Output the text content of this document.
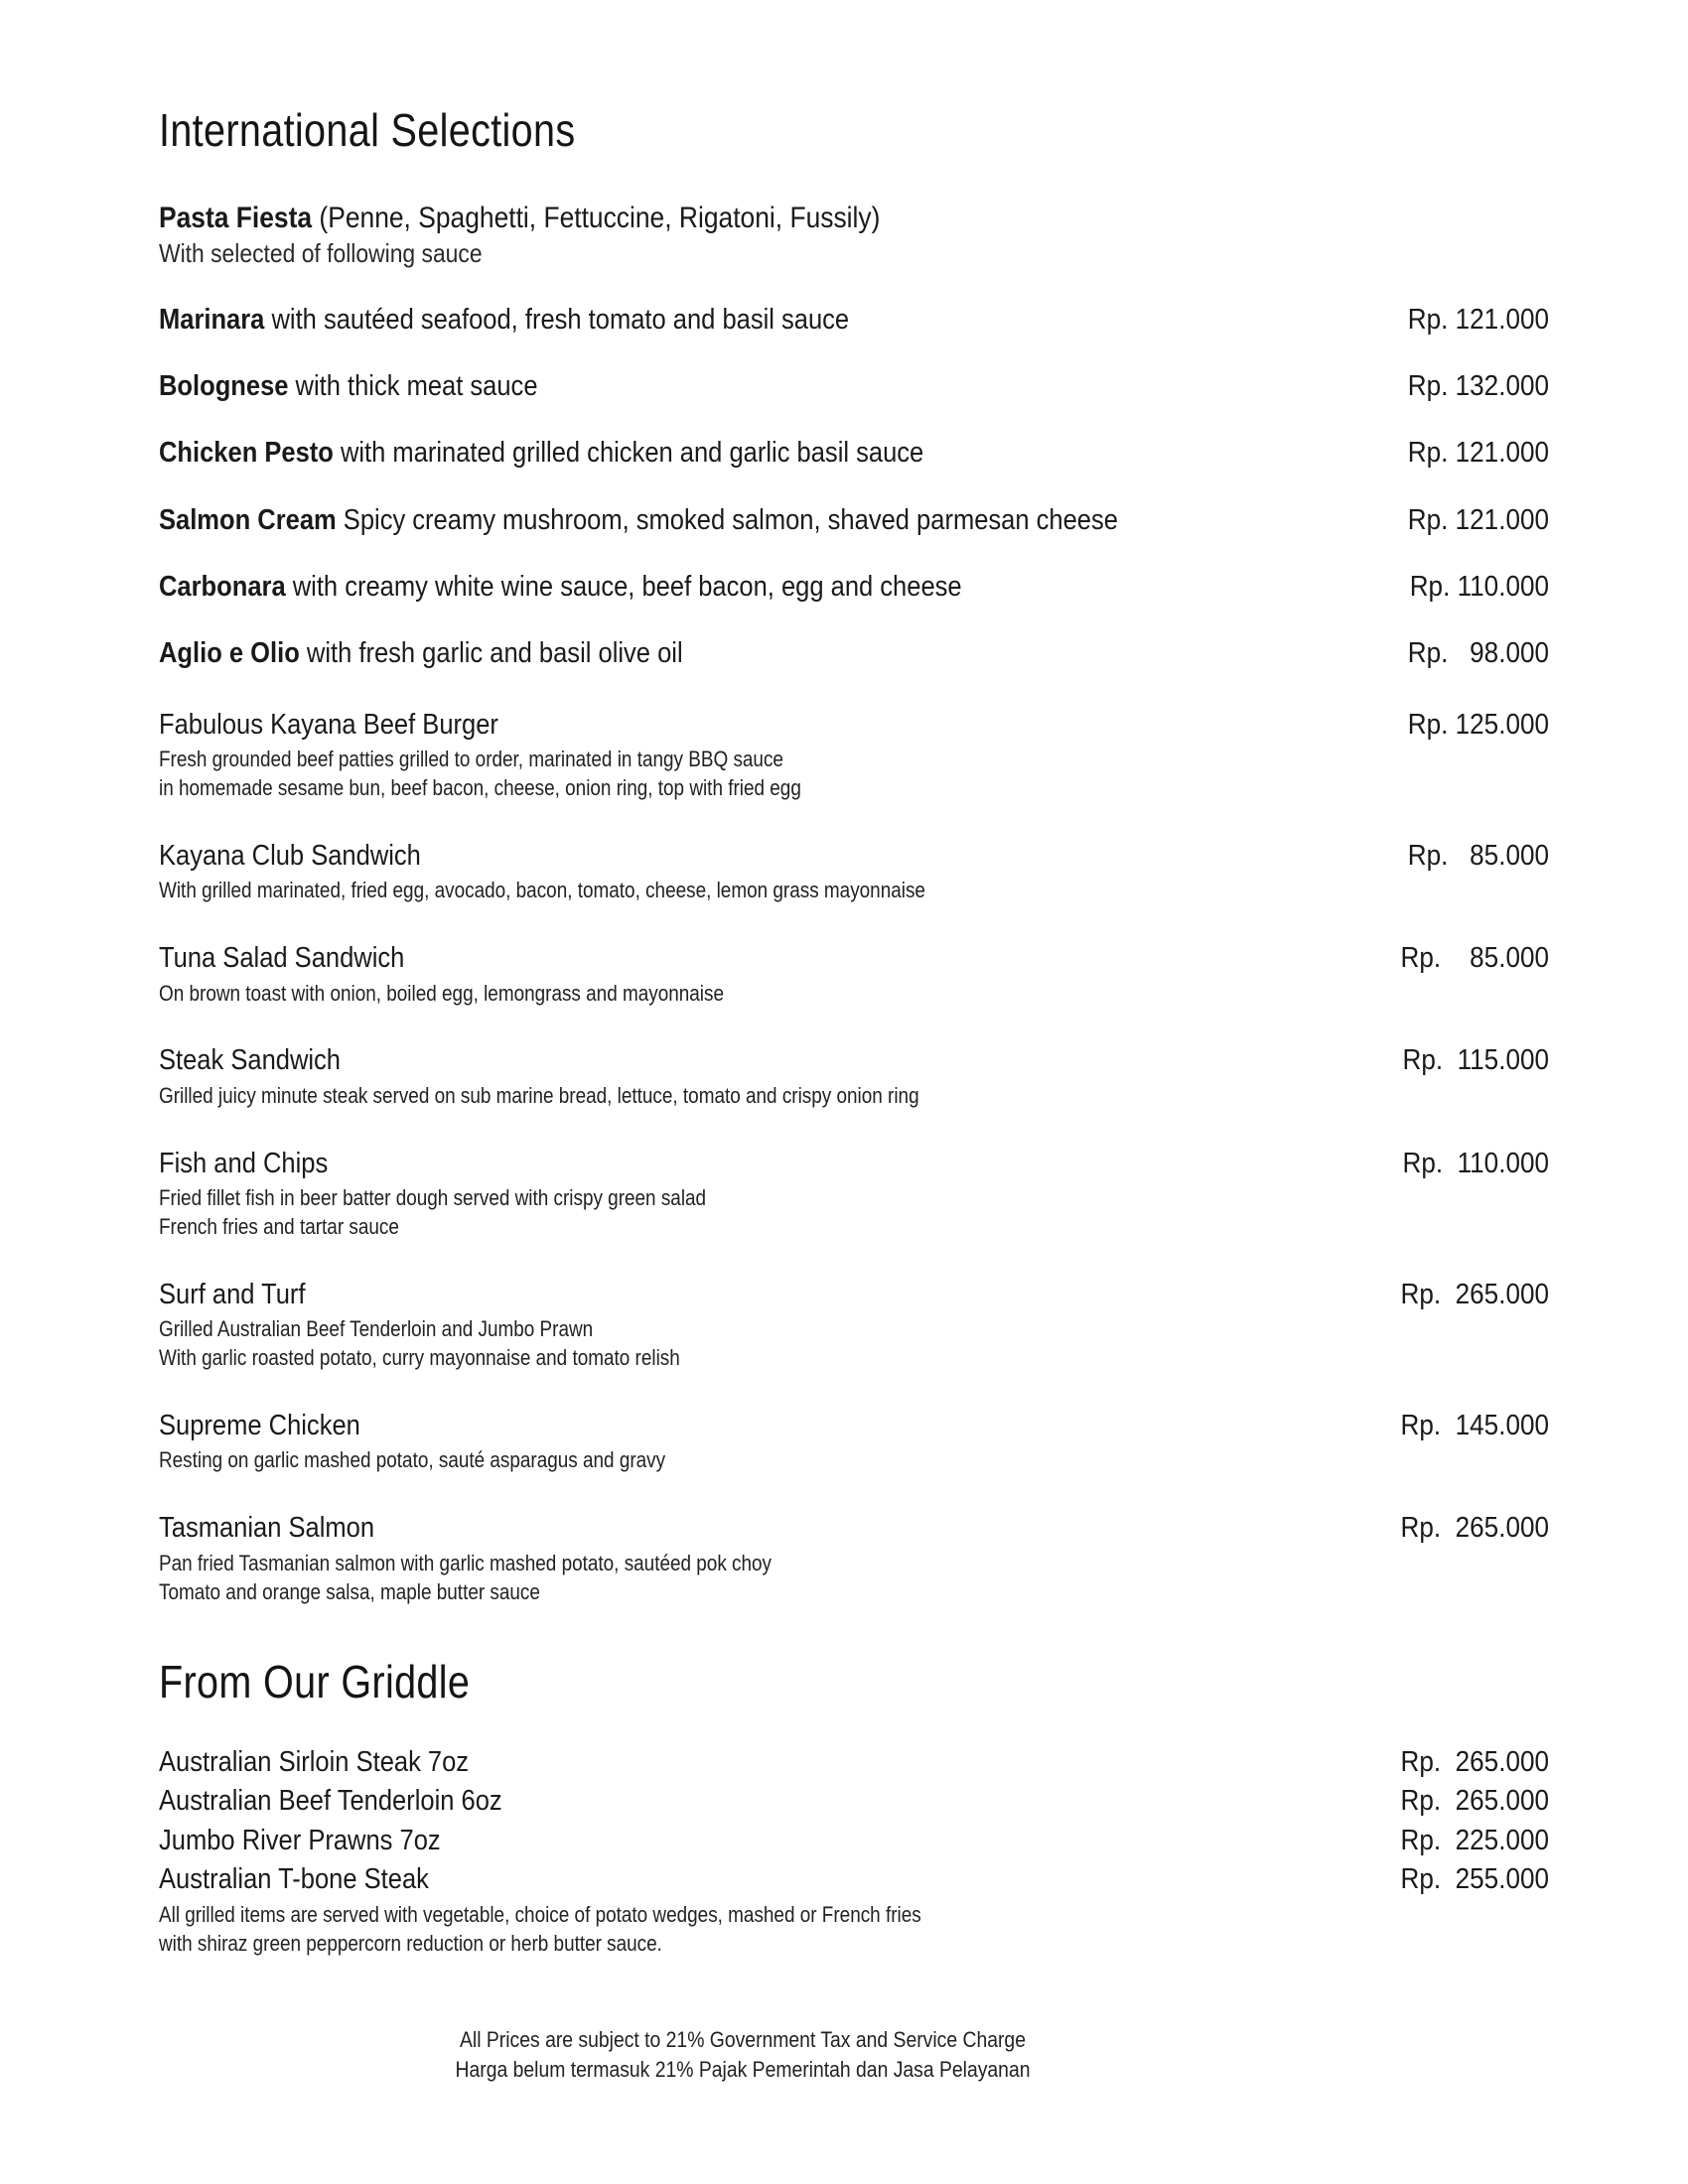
International Selections
Pasta Fiesta (Penne, Spaghetti, Fettuccine, Rigatoni, Fussily)
With selected of following sauce
Marinara with sautéed seafood, fresh tomato and basil sauce	Rp. 121.000
Bolognese with thick meat sauce	Rp. 132.000
Chicken Pesto with marinated grilled chicken and garlic basil sauce	Rp. 121.000
Salmon Cream Spicy creamy mushroom, smoked salmon, shaved parmesan cheese	Rp. 121.000
Carbonara with creamy white wine sauce, beef bacon, egg and cheese	Rp. 110.000
Aglio e Olio with fresh garlic and basil olive oil	Rp.   98.000
Fabulous Kayana Beef Burger	Rp. 125.000
Fresh grounded beef patties grilled to order, marinated in tangy BBQ sauce
in homemade sesame bun, beef bacon, cheese, onion ring, top with fried egg
Kayana Club Sandwich	Rp.   85.000
With grilled marinated, fried egg, avocado, bacon, tomato, cheese, lemon grass mayonnaise
Tuna Salad Sandwich	Rp.    85.000
On brown toast with onion, boiled egg, lemongrass and mayonnaise
Steak Sandwich	Rp.  115.000
Grilled juicy minute steak served on sub marine bread, lettuce, tomato and crispy onion ring
Fish and Chips	Rp.  110.000
Fried fillet fish in beer batter dough served with crispy green salad
French fries and tartar sauce
Surf and Turf	Rp.  265.000
Grilled Australian Beef Tenderloin and Jumbo Prawn
With garlic roasted potato, curry mayonnaise and tomato relish
Supreme Chicken	Rp.  145.000
Resting on garlic mashed potato, sauté asparagus and gravy
Tasmanian Salmon	Rp.  265.000
Pan fried Tasmanian salmon with garlic mashed potato, sautéed pok choy
Tomato and orange salsa, maple butter sauce
From Our Griddle
Australian Sirloin Steak 7oz	Rp.  265.000
Australian Beef Tenderloin 6oz	Rp.  265.000
Jumbo River Prawns 7oz	Rp.  225.000
Australian T-bone Steak	Rp.  255.000
All grilled items are served with vegetable, choice of potato wedges, mashed or French fries
with shiraz green peppercorn reduction or herb butter sauce.
All Prices are subject to 21% Government Tax and Service Charge
Harga belum termasuk 21% Pajak Pemerintah dan Jasa Pelayanan
